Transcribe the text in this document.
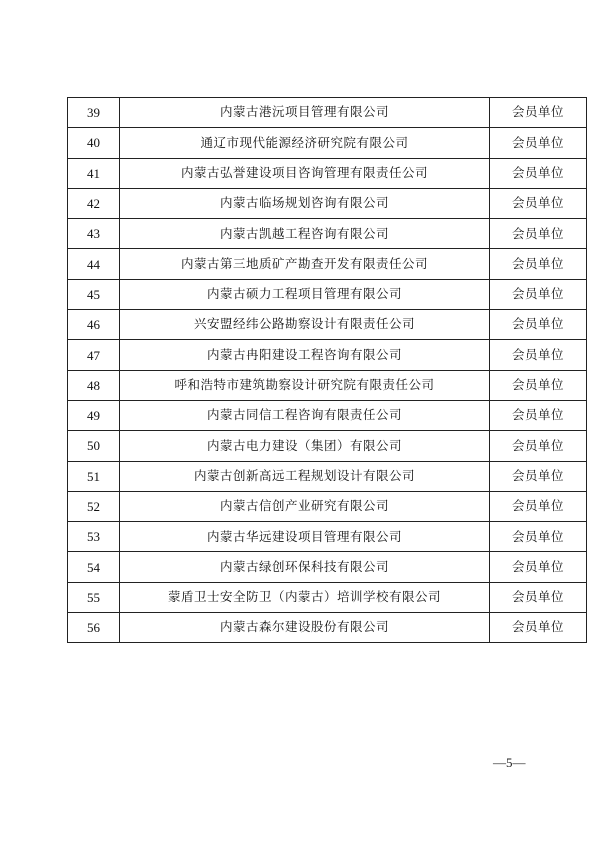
39	内蒙古港沅项目管理有限公司	会员单位
40	通辽市现代能源经济研究院有限公司	会员单位
41	内蒙古弘誉建设项目咨询管理有限责任公司	会员单位
42	内蒙古临场规划咨询有限公司	会员单位
43	内蒙古凯越工程咨询有限公司	会员单位
44	内蒙古第三地质矿产勘查开发有限责任公司	会员单位
45	内蒙古硕力工程项目管理有限公司	会员单位
46	兴安盟经纬公路勘察设计有限责任公司	会员单位
47	内蒙古冉阳建设工程咨询有限公司	会员单位
48	呼和浩特市建筑勘察设计研究院有限责任公司	会员单位
49	内蒙古同信工程咨询有限责任公司	会员单位
50	内蒙古电力建设（集团）有限公司	会员单位
51	内蒙古创新高远工程规划设计有限公司	会员单位
52	内蒙古信创产业研究有限公司	会员单位
53	内蒙古华远建设项目管理有限公司	会员单位
54	内蒙古绿创环保科技有限公司	会员单位
55	蒙盾卫士安全防卫（内蒙古）培训学校有限公司	会员单位
56	内蒙古森尔建设股份有限公司	会员单位
—5—
